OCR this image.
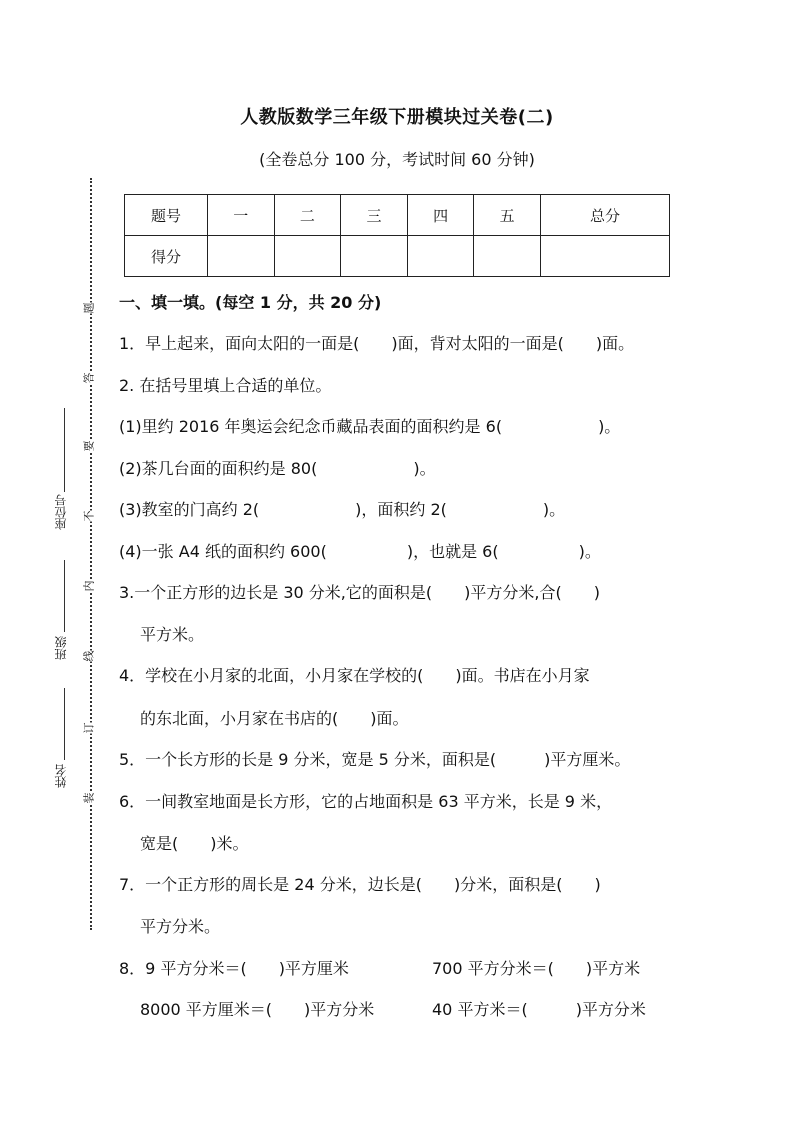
人教版数学三年级下册模块过关卷(二)
(全卷总分 100 分，考试时间 60 分钟)
题号	一	二	三	四	五	总分
得分						
题
答
要
不
内
线
订
装
姓名
班级
座位号
一、填一填。(每空 1 分，共 20 分)
1．早上起来，面向太阳的一面是(　　)面，背对太阳的一面是(　　)面。
2. 在括号里填上合适的单位。
(1)里约 2016 年奥运会纪念币藏品表面的面积约是 6(　　　　　　)。
(2)茶几台面的面积约是 80(　　　　　　)。
(3)教室的门高约 2(　　　　　　)，面积约 2(　　　　　　)。
(4)一张 A4 纸的面积约 600(　　　　　)，也就是 6(　　　　　)。
3.一个正方形的边长是 30 分米,它的面积是(　　)平方分米,合(　　)
平方米。
4．学校在小月家的北面，小月家在学校的(　　)面。书店在小月家
的东北面，小月家在书店的(　　)面。
5．一个长方形的长是 9 分米，宽是 5 分米，面积是(　　　)平方厘米。
6．一间教室地面是长方形，它的占地面积是 63 平方米，长是 9 米，
宽是(　　)米。
7．一个正方形的周长是 24 分米，边长是(　　)分米，面积是(　　)
平方分米。
8．9 平方分米＝(　　)平方厘米	700 平方分米＝(　　)平方米
8000 平方厘米＝(　　)平方分米	40 平方米＝(　　　)平方分米
